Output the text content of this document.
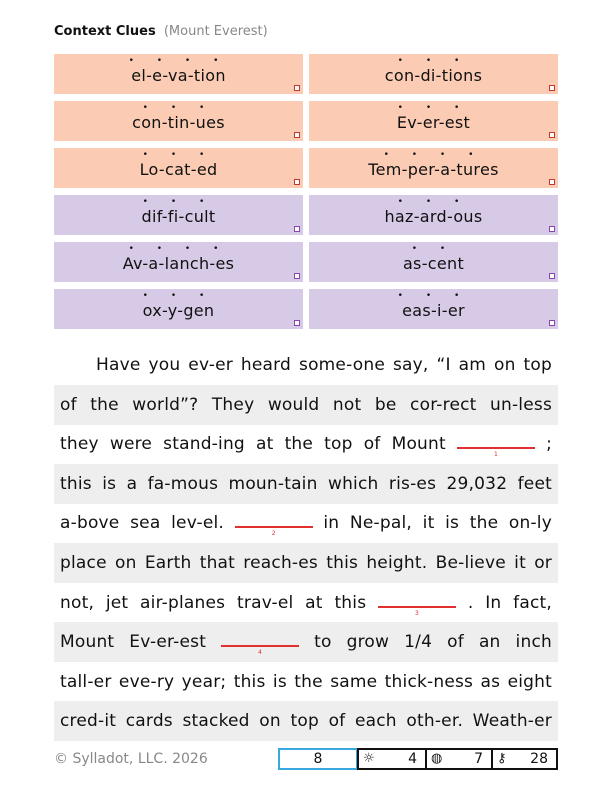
Context Clues (Mount Everest)
• • • •
el-e-va-tion
• • •
con-di-tions
• • •
con-tin-ues
• • •
Ev-er-est
• • •
Lo-cat-ed
• • • •
Tem-per-a-tures
• • •
dif-fi-cult
• • •
haz-ard-ous
• • • •
Av-a-lanch-es
• •
as-cent
• • •
ox-y-gen
• • •
eas-i-er
Have you ev-er heard some-one say, “I am on top
of the world”? They would not be cor-rect un-less
they were stand-ing at the top of Mount
1
;
this is a fa-mous moun-tain which ris-es 29,032 feet
a-bove sea lev-el.
2
in Ne-pal, it is the on-ly
place on Earth that reach-es this height. Be-lieve it or
not, jet air-planes trav-el at this
3
. In fact,
Mount Ev-er-est
4
to grow 1/4 of an inch
tall-er eve-ry year; this is the same thick-ness as eight
cred-it cards stacked on top of each oth-er. Weath-er
© Sylladot, LLC. 2026	8	☼ 4 ◍ 7 ⚷ 28
